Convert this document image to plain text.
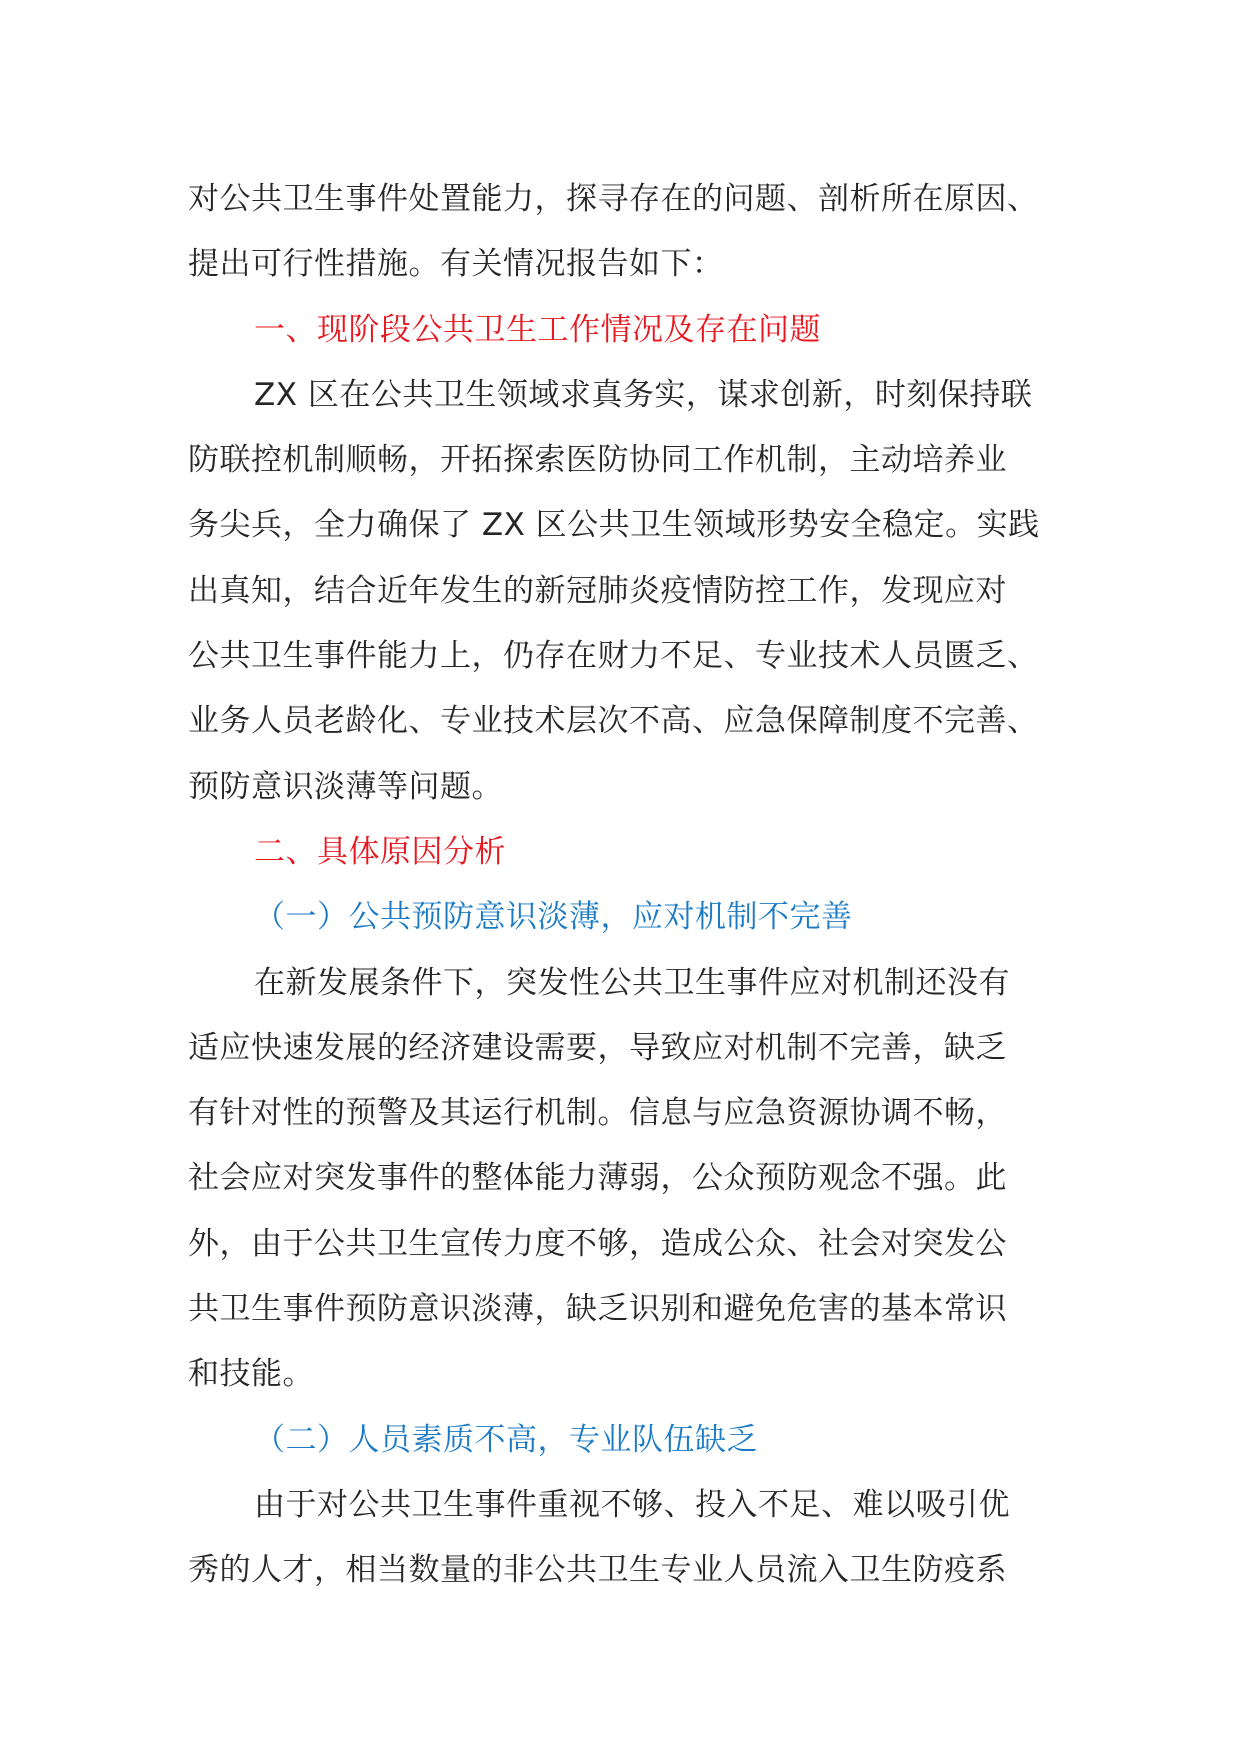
对公共卫生事件处置能力，探寻存在的问题、剖析所在原因、
提出可行性措施。有关情况报告如下：
一、现阶段公共卫生工作情况及存在问题
ZX 区在公共卫生领域求真务实，谋求创新，时刻保持联
防联控机制顺畅，开拓探索医防协同工作机制，主动培养业
务尖兵，全力确保了 ZX 区公共卫生领域形势安全稳定。实践
出真知，结合近年发生的新冠肺炎疫情防控工作，发现应对
公共卫生事件能力上，仍存在财力不足、专业技术人员匮乏、
业务人员老龄化、专业技术层次不高、应急保障制度不完善、
预防意识淡薄等问题。
二、具体原因分析
（一）公共预防意识淡薄，应对机制不完善
在新发展条件下，突发性公共卫生事件应对机制还没有
适应快速发展的经济建设需要，导致应对机制不完善，缺乏
有针对性的预警及其运行机制。信息与应急资源协调不畅，
社会应对突发事件的整体能力薄弱，公众预防观念不强。此
外，由于公共卫生宣传力度不够，造成公众、社会对突发公
共卫生事件预防意识淡薄，缺乏识别和避免危害的基本常识
和技能。
（二）人员素质不高，专业队伍缺乏
由于对公共卫生事件重视不够、投入不足、难以吸引优
秀的人才，相当数量的非公共卫生专业人员流入卫生防疫系
